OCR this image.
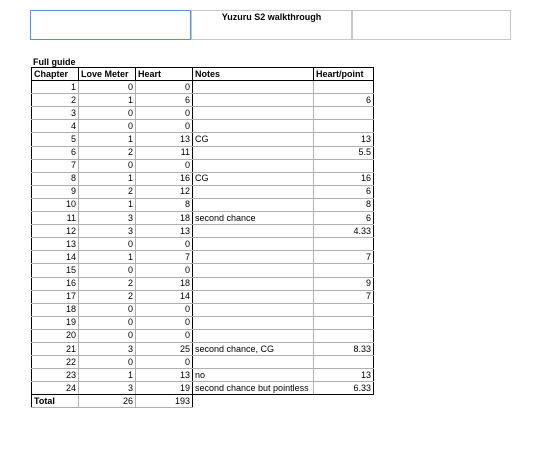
Yuzuru S2 walkthrough
Full guide
Chapter	Love Meter	Heart	Notes	Heart/point
1	0	0		
2	1	6		6
3	0	0		
4	0	0		
5	1	13	CG	13
6	2	11		5.5
7	0	0		
8	1	16	CG	16
9	2	12		6
10	1	8		8
11	3	18	second chance	6
12	3	13		4.33
13	0	0		
14	1	7		7
15	0	0		
16	2	18		9
17	2	14		7
18	0	0		
19	0	0		
20	0	0		
21	3	25	second chance, CG	8.33
22	0	0		
23	1	13	no	13
24	3	19	second chance but pointless	6.33
Total	26	193		
